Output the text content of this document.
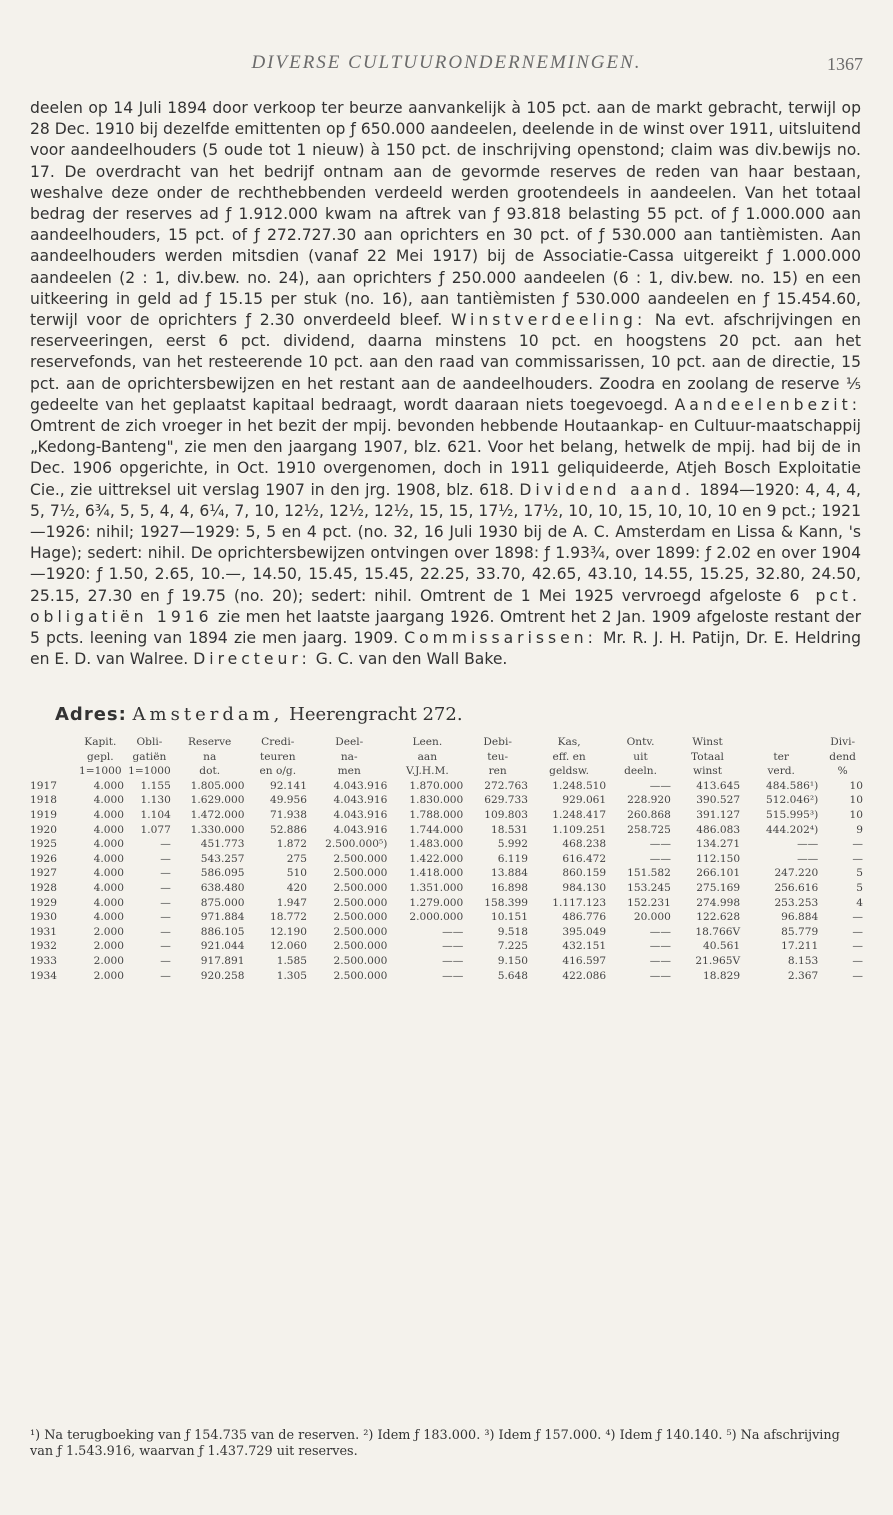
DIVERSE CULTUURONDERNEMINGEN.	1367

deelen op 14 Juli 1894 door verkoop ter beurze aanvankelijk à 105 pct. aan de markt gebracht, terwijl op 28 Dec. 1910 bij dezelfde emittenten op ƒ 650.000 aandeelen, deelende in de winst over 1911, uitsluitend voor aandeelhouders (5 oude tot 1 nieuw) à 150 pct. de inschrijving openstond; claim was div.bewijs no. 17. De overdracht van het bedrijf ontnam aan de gevormde reserves de reden van haar bestaan, weshalve deze onder de rechthebbenden verdeeld werden grootendeels in aandeelen. Van het totaal bedrag der reserves ad ƒ 1.912.000 kwam na aftrek van ƒ 93.818 belasting 55 pct. of ƒ 1.000.000 aan aandeelhouders, 15 pct. of ƒ 272.727.30 aan oprichters en 30 pct. of ƒ 530.000 aan tantièmisten. Aan aandeelhouders werden mitsdien (vanaf 22 Mei 1917) bij de Associatie-Cassa uitgereikt ƒ 1.000.000 aandeelen (2 : 1, div.bew. no. 24), aan oprichters ƒ 250.000 aandeelen (6 : 1, div.bew. no. 15) en een uitkeering in geld ad ƒ 15.15 per stuk (no. 16), aan tantièmisten ƒ 530.000 aandeelen en ƒ 15.454.60, terwijl voor de oprichters ƒ 2.30 onverdeeld bleef. Winstverdeeling: Na evt. afschrijvingen en reserveeringen, eerst 6 pct. dividend, daarna minstens 10 pct. en hoogstens 20 pct. aan het reservefonds, van het resteerende 10 pct. aan den raad van commissarissen, 10 pct. aan de directie, 15 pct. aan de oprichtersbewijzen en het restant aan de aandeelhouders. Zoodra en zoolang de reserve ⅕ gedeelte van het geplaatst kapitaal bedraagt, wordt daaraan niets toegevoegd. Aandeelenbezit: Omtrent de zich vroeger in het bezit der mpij. bevonden hebbende Houtaankap- en Cultuur-maatschappij „Kedong-Banteng", zie men den jaargang 1907, blz. 621. Voor het belang, hetwelk de mpij. had bij de in Dec. 1906 opgerichte, in Oct. 1910 overgenomen, doch in 1911 geliquideerde, Atjeh Bosch Exploitatie Cie., zie uittreksel uit verslag 1907 in den jrg. 1908, blz. 618. Dividend aand. 1894—1920: 4, 4, 4, 5, 7½, 6¾, 5, 5, 4, 4, 6¼, 7, 10, 12½, 12½, 12½, 15, 15, 17½, 17½, 10, 10, 15, 10, 10, 10 en 9 pct.; 1921—1926: nihil; 1927—1929: 5, 5 en 4 pct. (no. 32, 16 Juli 1930 bij de A. C. Amsterdam en Lissa & Kann, 's Hage); sedert: nihil. De oprichtersbewijzen ontvingen over 1898: ƒ 1.93¾, over 1899: ƒ 2.02 en over 1904—1920: ƒ 1.50, 2.65, 10.—, 14.50, 15.45, 15.45, 22.25, 33.70, 42.65, 43.10, 14.55, 15.25, 32.80, 24.50, 25.15, 27.30 en ƒ 19.75 (no. 20); sedert: nihil. Omtrent de 1 Mei 1925 vervroegd afgeloste 6 pct. obligatiën 1916 zie men het laatste jaargang 1926. Omtrent het 2 Jan. 1909 afgeloste restant der 5 pcts. leening van 1894 zie men jaarg. 1909. Commissarissen: Mr. R. J. H. Patijn, Dr. E. Heldring en E. D. van Walree. Directeur: G. C. van den Wall Bake.

Adres: Amsterdam, Heerengracht 272.
	Kapit.	Obli-	Reserve	Credi-	Deel-	Leen.	Debi-	Kas,	Ontv.	Winst		Divi-
	gepl.	gatiën	na	teuren	na-	aan	teu-	eff. en	uit	Totaal	ter	dend
	1=1000	1=1000	dot.	en o/g.	men	V.J.H.M.	ren	geldsw.	deeln.	winst	verd.	%
1917	4.000	1.155	1.805.000	92.141	4.043.916	1.870.000	272.763	1.248.510	——	413.645	484.586¹)	10
1918	4.000	1.130	1.629.000	49.956	4.043.916	1.830.000	629.733	929.061	228.920	390.527	512.046²)	10
1919	4.000	1.104	1.472.000	71.938	4.043.916	1.788.000	109.803	1.248.417	260.868	391.127	515.995³)	10
1920	4.000	1.077	1.330.000	52.886	4.043.916	1.744.000	18.531	1.109.251	258.725	486.083	444.202⁴)	9
1925	4.000	—	451.773	1.872	2.500.000⁵)	1.483.000	5.992	468.238	——	134.271	——	—
1926	4.000	—	543.257	275	2.500.000	1.422.000	6.119	616.472	——	112.150	——	—
1927	4.000	—	586.095	510	2.500.000	1.418.000	13.884	860.159	151.582	266.101	247.220	5
1928	4.000	—	638.480	420	2.500.000	1.351.000	16.898	984.130	153.245	275.169	256.616	5
1929	4.000	—	875.000	1.947	2.500.000	1.279.000	158.399	1.117.123	152.231	274.998	253.253	4
1930	4.000	—	971.884	18.772	2.500.000	2.000.000	10.151	486.776	20.000	122.628	96.884	—
1931	2.000	—	886.105	12.190	2.500.000	——	9.518	395.049	——	18.766V	85.779	—
1932	2.000	—	921.044	12.060	2.500.000	——	7.225	432.151	——	40.561	17.211	—
1933	2.000	—	917.891	1.585	2.500.000	——	9.150	416.597	——	21.965V	8.153	—
1934	2.000	—	920.258	1.305	2.500.000	——	5.648	422.086	——	18.829	2.367	—
¹) Na terugboeking van ƒ 154.735 van de reserven. ²) Idem ƒ 183.000. ³) Idem ƒ 157.000. ⁴) Idem ƒ 140.140. ⁵) Na afschrijving van ƒ 1.543.916, waarvan ƒ 1.437.729 uit reserves.
